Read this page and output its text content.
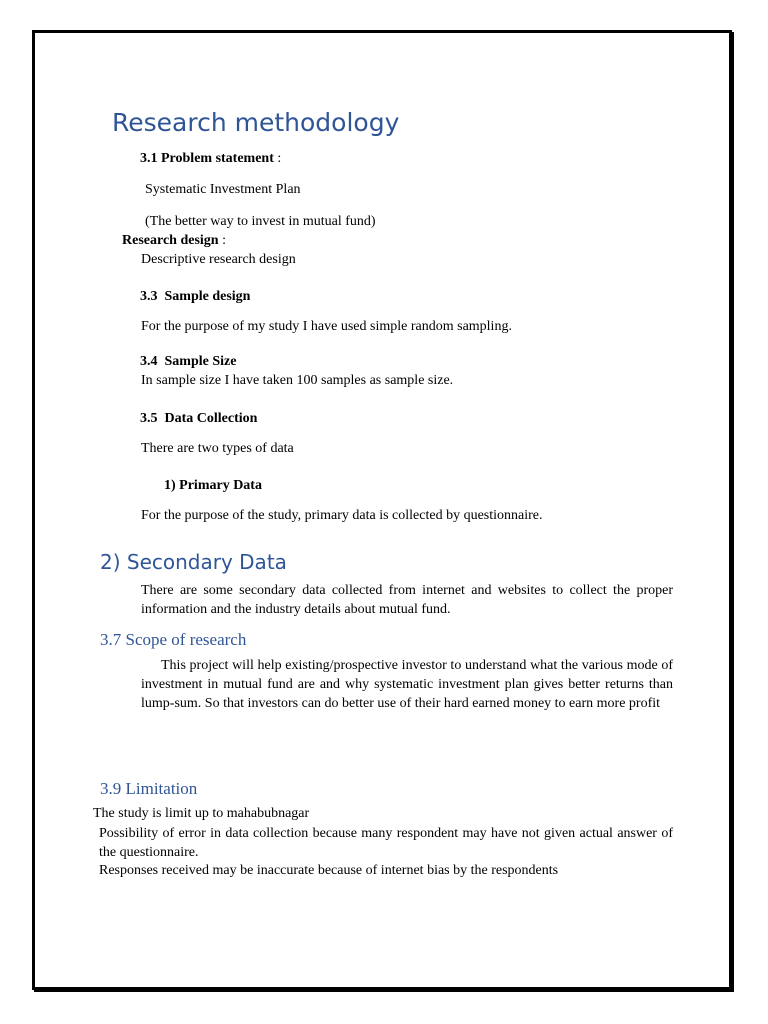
Research methodology
3.1 Problem statement :
Systematic Investment Plan
(The better way to invest in mutual fund)
Research design :
Descriptive research design
3.3 Sample design
For the purpose of my study I have used simple random sampling.
3.4 Sample Size
In sample size I have taken 100 samples as sample size.
3.5 Data Collection
There are two types of data
1) Primary Data
For the purpose of the study, primary data is collected by questionnaire.
2) Secondary Data
There are some secondary data collected from internet and websites to collect the proper information and the industry details about mutual fund.
3.7 Scope of research
This project will help existing/prospective investor to understand what the various mode of investment in mutual fund are and why systematic investment plan gives better returns than lump-sum. So that investors can do better use of their hard earned money to earn more profit
3.9 Limitation
The study is limit up to mahabubnagar
Possibility of error in data collection because many respondent may have not given actual answer of the questionnaire.
Responses received may be inaccurate because of internet bias by the respondents
